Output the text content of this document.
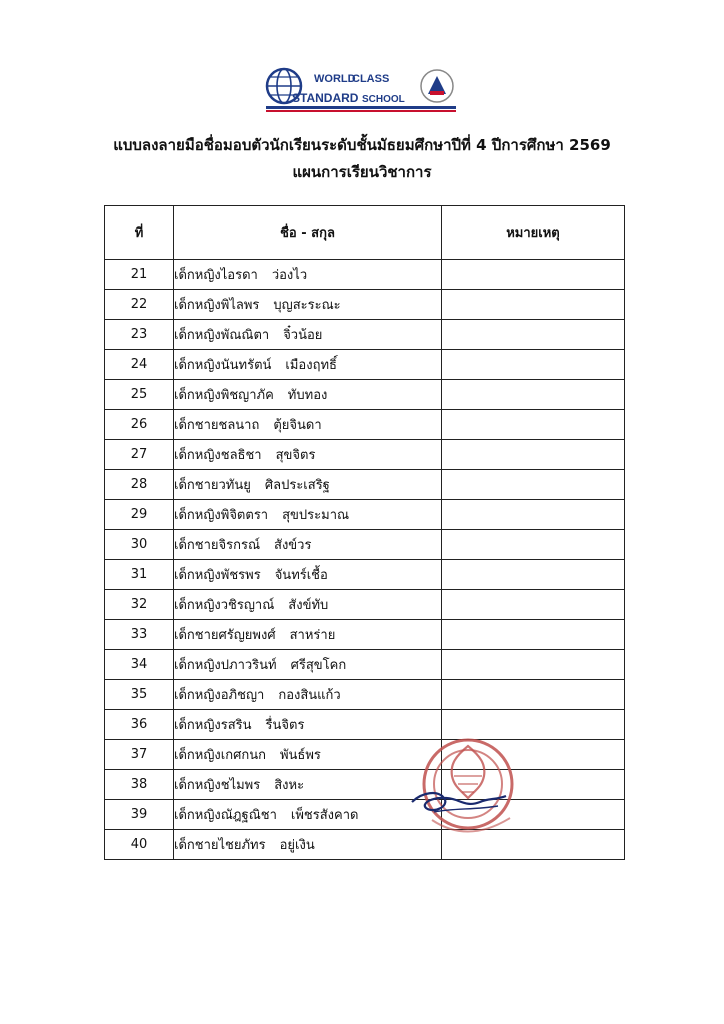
WORLD
CLASS
STANDARD SCHOOL
แบบลงลายมือชื่อมอบตัวนักเรียนระดับชั้นมัธยมศึกษาปีที่ 4 ปีการศึกษา 2569
แผนการเรียนวิชาการ
ที่	ชื่อ - สกุล	หมายเหตุ
21	เด็กหญิงไอรดา ว่องไว	
22	เด็กหญิงพิไลพร บุญสะระณะ	
23	เด็กหญิงพัณณิตา จิ๋วน้อย	
24	เด็กหญิงนันทรัตน์ เมืองฤทธิ์	
25	เด็กหญิงพิชญาภัค ทับทอง	
26	เด็กชายชลนาถ ตุ้ยจินดา	
27	เด็กหญิงชลธิชา สุขจิตร	
28	เด็กชายวทันยู ศิลประเสริฐ	
29	เด็กหญิงพิจิตตรา สุขประมาณ	
30	เด็กชายจิรกรณ์ สังข์วร	
31	เด็กหญิงพัชรพร จันทร์เชื้อ	
32	เด็กหญิงวชิรญาณ์ สังข์ทับ	
33	เด็กชายศรัญยพงศ์ สาหร่าย	
34	เด็กหญิงปภาวรินท์ ศรีสุขโคก	
35	เด็กหญิงอภิชญา กองสินแก้ว	
36	เด็กหญิงรสริน รื่นจิตร	
37	เด็กหญิงเกศกนก พันธ์พร	
38	เด็กหญิงชไมพร สิงหะ	
39	เด็กหญิงณัฎฐณิชา เพ็ชรสังคาด	
40	เด็กชายไชยภัทร อยู่เงิน	
